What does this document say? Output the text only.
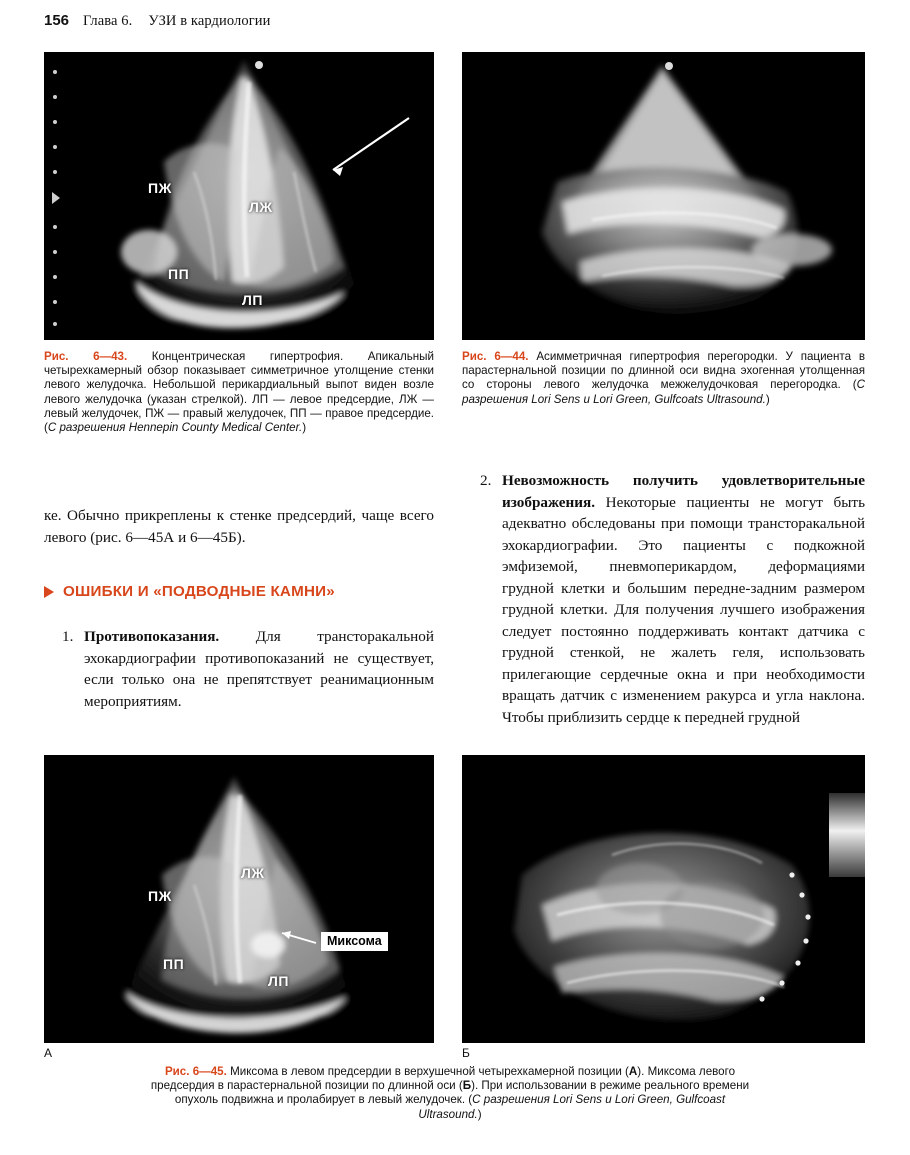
156 Глава 6. УЗИ в кардиологии
ПЖ
ЛЖ
ПП
ЛП
Рис. 6—43. Концентрическая гипертрофия. Апикальный четырехкамерный обзор показывает симметричное утолщение стенки левого желудочка. Небольшой перикардиальный выпот виден возле левого желудочка (указан стрелкой). ЛП — левое предсердие, ЛЖ — левый желудочек, ПЖ — правый желудочек, ПП — правое предсердие. (С разрешения Hennepin County Medical Center.)
Рис. 6—44. Асимметричная гипертрофия перегородки. У пациента в парастернальной позиции по длинной оси видна эхогенная утолщенная со стороны левого желудочка межжелудочковая перегородка. (С разрешения Lori Sens и Lori Green, Gulfcoats Ultrasound.)

ке. Обычно прикреплены к стенке предсердий, чаще всего левого (рис. 6—45А и 6—45Б).

ОШИБКИ И «ПОДВОДНЫЕ КАМНИ»
1. Противопоказания. Для трансторакальной эхокардиографии противопоказаний не существует, если только она не препятствует реанимационным мероприятиям.
2. Невозможность получить удовлетворительные изображения. Некоторые пациенты не могут быть адекватно обследованы при помощи трансторакальной эхокардиографии. Это пациенты с подкожной эмфиземой, пневмоперикардом, деформациями грудной клетки и большим передне-задним размером грудной клетки. Для получения лучшего изображения следует постоянно поддерживать контакт датчика с грудной стенкой, не жалеть геля, использовать прилегающие сердечные окна и при необходимости вращать датчик с изменением ракурса и угла наклона. Чтобы приблизить сердце к передней грудной
ЛЖ
ПЖ
ПП
ЛП
Миксома
А	Б
Рис. 6—45. Миксома в левом предсердии в верхушечной четырехкамерной позиции (А). Миксома левого предсердия в парастернальной позиции по длинной оси (Б). При использовании в режиме реального времени опухоль подвижна и пролабирует в левый желудочек. (С разрешения Lori Sens и Lori Green, Gulfcoast Ultrasound.)
